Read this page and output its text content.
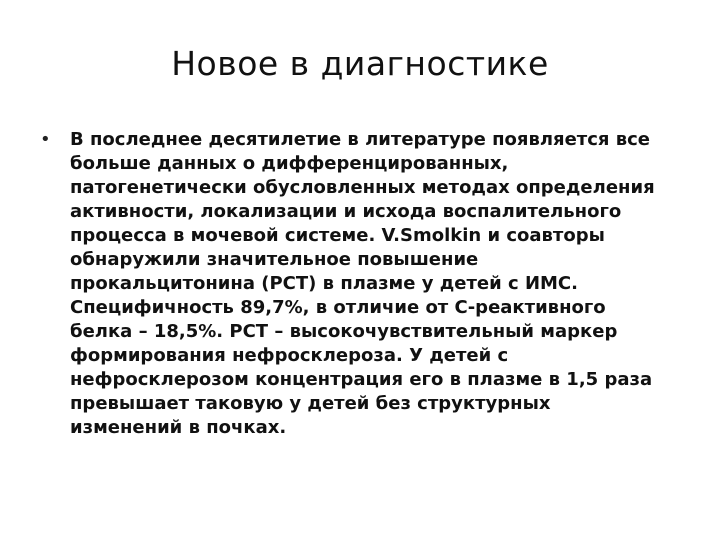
Новое в диагностике
•	В последнее десятилетие в литературе появляется все
больше данных о дифференцированных,
патогенетически обусловленных методах определения
активности, локализации и исхода воспалительного
процесса в мочевой системе. V.Smolkin и соавторы
обнаружили значительное повышение
прокальцитонина (PCT) в плазме у детей с ИМС.
Специфичность 89,7%, в отличие от С-реактивного
белка – 18,5%. PCT – высокочувствительный маркер
формирования нефросклероза. У детей с
нефросклерозом концентрация его в плазме в 1,5 раза
превышает таковую у детей без структурных
изменений в почках.
